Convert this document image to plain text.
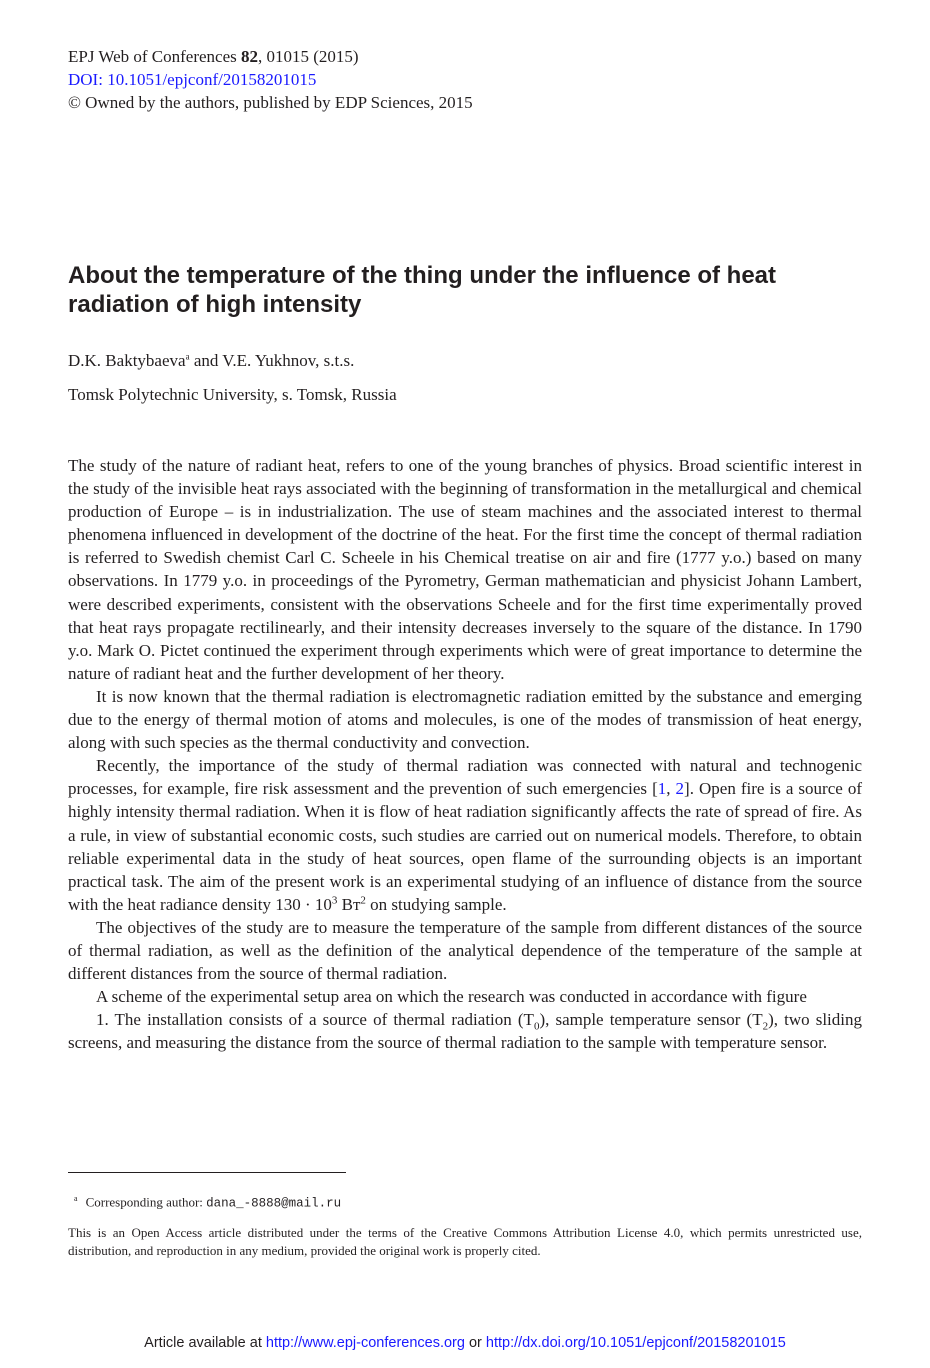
EPJ Web of Conferences 82, 01015 (2015)
DOI: 10.1051/epjconf/20158201015
© Owned by the authors, published by EDP Sciences, 2015
About the temperature of the thing under the influence of heat radiation of high intensity
D.K. Baktybaeva$^a$ and V.E. Yukhnov, s.t.s.
Tomsk Polytechnic University, s. Tomsk, Russia

The study of the nature of radiant heat, refers to one of the young branches of physics. Broad scientific interest in the study of the invisible heat rays associated with the beginning of transformation in the metallurgical and chemical production of Europe – is in industrialization. The use of steam machines and the associated interest to thermal phenomena influenced in development of the doctrine of the heat. For the first time the concept of thermal radiation is referred to Swedish chemist Carl C. Scheele in his Chemical treatise on air and fire (1777 y.o.) based on many observations. In 1779 y.o. in proceedings of the Pyrometry, German mathematician and physicist Johann Lambert, were described experiments, consistent with the observations Scheele and for the first time experimentally proved that heat rays propagate rectilinearly, and their intensity decreases inversely to the square of the distance. In 1790 y.o. Mark O. Pictet continued the experiment through experiments which were of great importance to determine the nature of radiant heat and the further development of her theory.

It is now known that the thermal radiation is electromagnetic radiation emitted by the substance and emerging due to the energy of thermal motion of atoms and molecules, is one of the modes of transmission of heat energy, along with such species as the thermal conductivity and convection.

Recently, the importance of the study of thermal radiation was connected with natural and technogenic processes, for example, fire risk assessment and the prevention of such emergencies [1, 2]. Open fire is a source of highly intensity thermal radiation. When it is flow of heat radiation significantly affects the rate of spread of fire. As a rule, in view of substantial economic costs, such studies are carried out on numerical models. Therefore, to obtain reliable experimental data in the study of heat sources, open flame of the surrounding objects is an important practical task. The aim of the present work is an experimental studying of an influence of distance from the source with the heat radiance density $130 \cdot 10^3$ $Вт^2$ on studying sample.

The objectives of the study are to measure the temperature of the sample from different distances of the source of thermal radiation, as well as the definition of the analytical dependence of the temperature of the sample at different distances from the source of thermal radiation.

A scheme of the experimental setup area on which the research was conducted in accordance with figure

1. The installation consists of a source of thermal radiation $(T_0)$, sample temperature sensor $(T_2)$, two sliding screens, and measuring the distance from the source of thermal radiation to the sample with temperature sensor.

$^a$ Corresponding author: dana_-8888@mail.ru
This is an Open Access article distributed under the terms of the Creative Commons Attribution License 4.0, which permits unrestricted use, distribution, and reproduction in any medium, provided the original work is properly cited.
Article available at http://www.epj-conferences.org or http://dx.doi.org/10.1051/epjconf/20158201015
